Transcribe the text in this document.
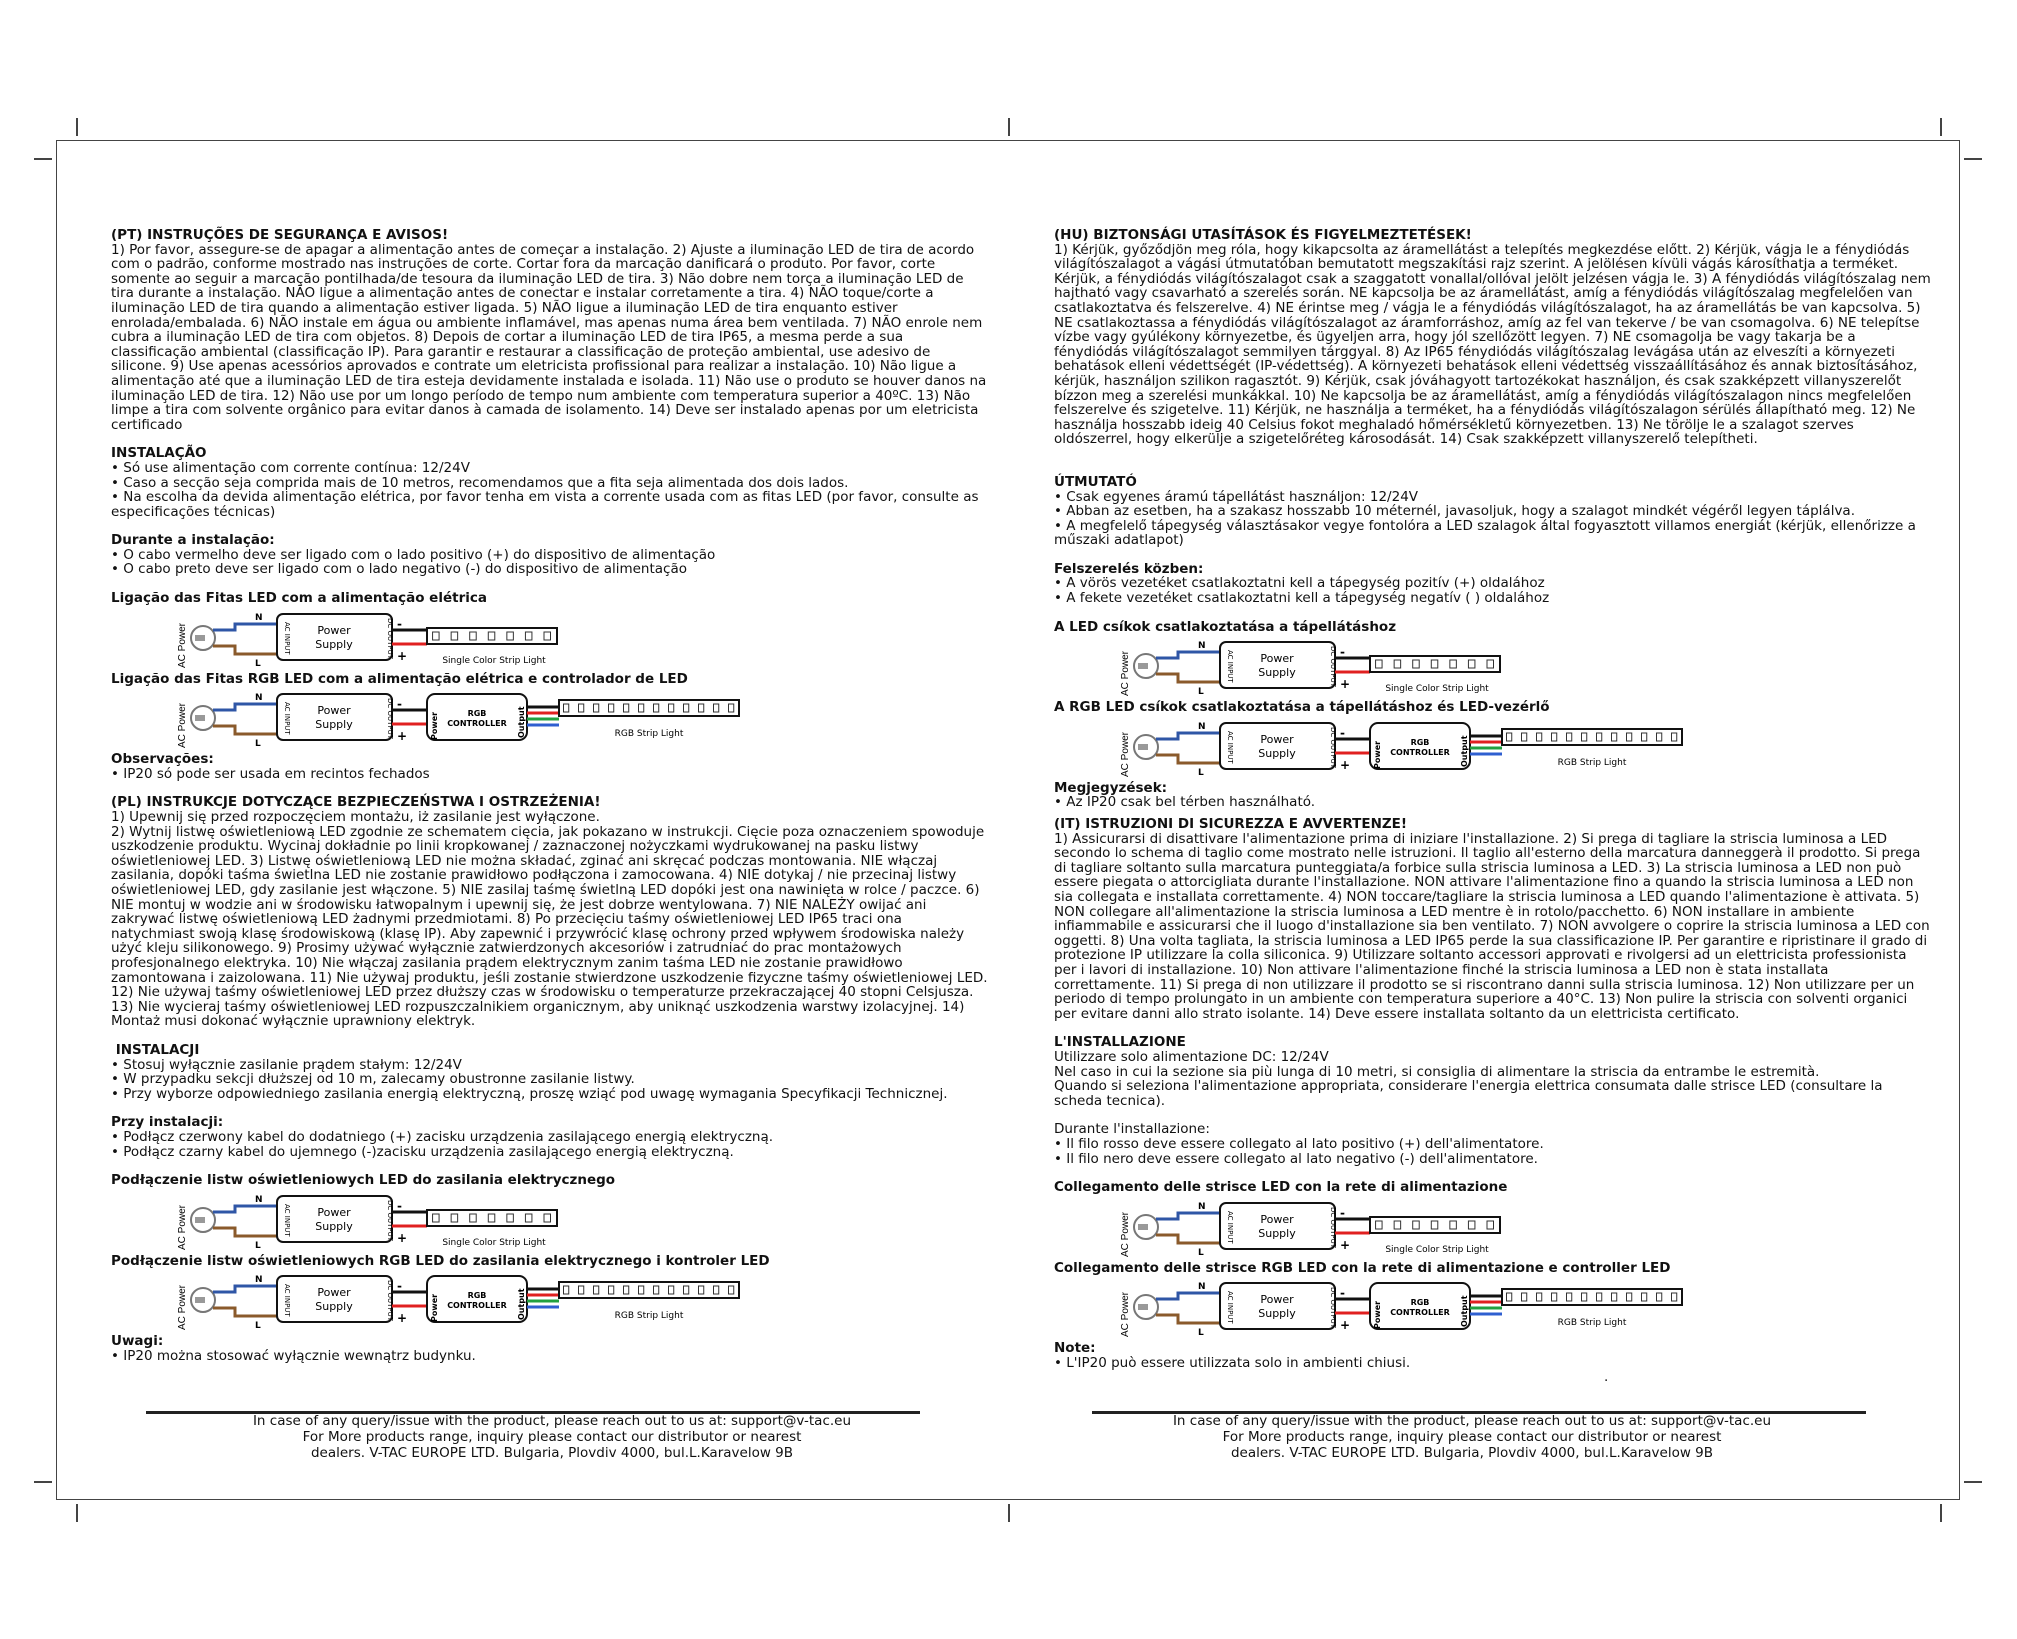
(PT) INSTRUÇÕES DE SEGURANÇA E AVISOS!

1) Por favor, assegure-se de apagar a alimentação antes de começar a instalação. 2) Ajuste a iluminação LED de tira de acordo com o padrão, conforme mostrado nas instruções de corte. Cortar fora da marcação danificará o produto. Por favor, corte somente ao seguir a marcação pontilhada/de tesoura da iluminação LED de tira. 3) Não dobre nem torça a iluminação LED de tira durante a instalação. NÃO ligue a alimentação antes de conectar e instalar corretamente a tira. 4) NÃO toque/corte a iluminação LED de tira quando a alimentação estiver ligada. 5) NÃO ligue a iluminação LED de tira enquanto estiver enrolada/embalada. 6) NÃO instale em água ou ambiente inflamável, mas apenas numa área bem ventilada. 7) NÃO enrole nem cubra a iluminação LED de tira com objetos. 8) Depois de cortar a iluminação LED de tira IP65, a mesma perde a sua classificação ambiental (classificação IP). Para garantir e restaurar a classificação de proteção ambiental, use adesivo de silicone. 9) Use apenas acessórios aprovados e contrate um eletricista profissional para realizar a instalação. 10) Não ligue a alimentação até que a iluminação LED de tira esteja devidamente instalada e isolada. 11) Não use o produto se houver danos na iluminação LED de tira. 12) Não use por um longo período de tempo num ambiente com temperatura superior a 40ºC. 13) Não limpe a tira com solvente orgânico para evitar danos à camada de isolamento. 14) Deve ser instalado apenas por um eletricista certificado

INSTALAÇÃO

• Só use alimentação com corrente contínua: 12/24V

• Caso a secção seja comprida mais de 10 metros, recomendamos que a fita seja alimentada dos dois lados.

• Na escolha da devida alimentação elétrica, por favor tenha em vista a corrente usada com as fitas LED (por favor, consulte as especificações técnicas)

Durante a instalação:

• O cabo vermelho deve ser ligado com o lado positivo (+) do dispositivo de alimentação

• O cabo preto deve ser ligado com o lado negativo (-) do dispositivo de alimentação

Ligação das Fitas LED com a alimentação elétrica

AC Power
N
L
AC INPUT	DC OUTPUT
Power
Supply
-
+	Single Color Strip Light

Ligação das Fitas RGB LED com a alimentação elétrica e controlador de LED

AC Power
N
L
AC INPUT	DC OUTPUT
Power
Supply
-
+	Power	Output
RGB
CONTROLLER
RGB Strip Light

Observações:

• IP20 só pode ser usada em recintos fechados

(PL) INSTRUKCJE DOTYCZĄCE BEZPIECZEŃSTWA I OSTRZEŻENIA!

1) Upewnij się przed rozpoczęciem montażu, iż zasilanie jest wyłączone.
2) Wytnij listwę oświetleniową LED zgodnie ze schematem cięcia, jak pokazano w instrukcji. Cięcie poza oznaczeniem spowoduje uszkodzenie produktu. Wycinaj dokładnie po linii kropkowanej / zaznaczonej nożyczkami wydrukowanej na pasku listwy oświetleniowej LED. 3) Listwę oświetleniową LED nie można składać, zginać ani skręcać podczas montowania. NIE włączaj zasilania, dopóki taśma świetlna LED nie zostanie prawidłowo podłączona i zamocowana. 4) NIE dotykaj / nie przecinaj listwy oświetleniowej LED, gdy zasilanie jest włączone. 5) NIE zasilaj taśmę świetlną LED dopóki jest ona nawinięta w rolce / paczce. 6) NIE montuj w wodzie ani w środowisku łatwopalnym i upewnij się, że jest dobrze wentylowana. 7) NIE NALEŻY owijać ani zakrywać listwę oświetleniową LED żadnymi przedmiotami. 8) Po przecięciu taśmy oświetleniowej LED IP65 traci ona natychmiast swoją klasę środowiskową (klasę IP). Aby zapewnić i przywrócić klasę ochrony przed wpływem środowiska należy użyć kleju silikonowego. 9) Prosimy używać wyłącznie zatwierdzonych akcesoriów i zatrudniać do prac montażowych profesjonalnego elektryka. 10) Nie włączaj zasilania prądem elektrycznym zanim taśma LED nie zostanie prawidłowo zamontowana i zaizolowana. 11) Nie używaj produktu, jeśli zostanie stwierdzone uszkodzenie fizyczne taśmy oświetleniowej LED. 12) Nie używaj taśmy oświetleniowej LED przez dłuższy czas w środowisku o temperaturze przekraczającej 40 stopni Celsjusza. 13) Nie wycieraj taśmy oświetleniowej LED rozpuszczalnikiem organicznym, aby uniknąć uszkodzenia warstwy izolacyjnej. 14) Montaż musi dokonać wyłącznie uprawniony elektryk.

INSTALACJI

• Stosuj wyłącznie zasilanie prądem stałym: 12/24V

• W przypadku sekcji dłuższej od 10 m, zalecamy obustronne zasilanie listwy.

• Przy wyborze odpowiedniego zasilania energią elektryczną, proszę wziąć pod uwagę wymagania Specyfikacji Technicznej.

Przy instalacji:

• Podłącz czerwony kabel do dodatniego (+) zacisku urządzenia zasilającego energią elektryczną.

• Podłącz czarny kabel do ujemnego (-)zacisku urządzenia zasilającego energią elektryczną.

Podłączenie listw oświetleniowych LED do zasilania elektrycznego

AC Power
N
L
AC INPUT	DC OUTPUT
Power
Supply
-
+	Single Color Strip Light

Podłączenie listw oświetleniowych RGB LED do zasilania elektrycznego i kontroler LED

AC Power
N
L
AC INPUT	DC OUTPUT
Power
Supply
-
+	Power	Output
RGB
CONTROLLER
RGB Strip Light

Uwagi:

• IP20 można stosować wyłącznie wewnątrz budynku.

(HU) BIZTONSÁGI UTASÍTÁSOK ÉS FIGYELMEZTETÉSEK!

1) Kérjük, győződjön meg róla, hogy kikapcsolta az áramellátást a telepítés megkezdése előtt. 2) Kérjük, vágja le a fénydiódás világítószalagot a vágási útmutatóban bemutatott megszakítási rajz szerint. A jelölésen kívüli vágás károsíthatja a terméket. Kérjük, a fénydiódás világítószalagot csak a szaggatott vonallal/ollóval jelölt jelzésen vágja le. 3) A fénydiódás világítószalag nem hajtható vagy csavarható a szerelés során. NE kapcsolja be az áramellátást, amíg a fénydiódás világítószalag megfelelően van csatlakoztatva és felszerelve. 4) NE érintse meg / vágja le a fénydiódás világítószalagot, ha az áramellátás be van kapcsolva. 5) NE csatlakoztassa a fénydiódás világítószalagot az áramforráshoz, amíg az fel van tekerve / be van csomagolva. 6) NE telepítse vízbe vagy gyúlékony környezetbe, és ügyeljen arra, hogy jól szellőzött legyen. 7) NE csomagolja be vagy takarja be a fénydiódás világítószalagot semmilyen tárggyal. 8) Az IP65 fénydiódás világítószalag levágása után az elveszíti a környezeti behatások elleni védettségét (IP-védettség). A környezeti behatások elleni védettség visszaállításához és annak biztosításához, kérjük, használjon szilikon ragasztót. 9) Kérjük, csak jóváhagyott tartozékokat használjon, és csak szakképzett villanyszerelőt bízzon meg a szerelési munkákkal. 10) Ne kapcsolja be az áramellátást, amíg a fénydiódás világítószalagon nincs megfelelően felszerelve és szigetelve. 11) Kérjük, ne használja a terméket, ha a fénydiódás világítószalagon sérülés állapítható meg. 12) Ne használja hosszabb ideig 40 Celsius fokot meghaladó hőmérsékletű környezetben. 13) Ne törölje le a szalagot szerves oldószerrel, hogy elkerülje a szigetelőréteg károsodását. 14) Csak szakképzett villanyszerelő telepítheti.

ÚTMUTATÓ

• Csak egyenes áramú tápellátást használjon: 12/24V

• Abban az esetben, ha a szakasz hosszabb 10 méternél, javasoljuk, hogy a szalagot mindkét végéről legyen táplálva.

• A megfelelő tápegység választásakor vegye fontolóra a LED szalagok által fogyasztott villamos energiát (kérjük, ellenőrizze a műszaki adatlapot)

Felszerelés közben:

• A vörös vezetéket csatlakoztatni kell a tápegység pozitív (+) oldalához

• A fekete vezetéket csatlakoztatni kell a tápegység negatív ( ) oldalához

A LED csíkok csatlakoztatása a tápellátáshoz

AC Power
N
L
AC INPUT	DC OUTPUT
Power
Supply
-
+	Single Color Strip Light

A RGB LED csíkok csatlakoztatása a tápellátáshoz és LED-vezérlő

AC Power
N
L
AC INPUT	DC OUTPUT
Power
Supply
-
+	Power	Output
RGB
CONTROLLER
RGB Strip Light

Megjegyzések:

• Az IP20 csak bel térben használható.

(IT) ISTRUZIONI DI SICUREZZA E AVVERTENZE!

1) Assicurarsi di disattivare l'alimentazione prima di iniziare l'installazione. 2) Si prega di tagliare la striscia luminosa a LED secondo lo schema di taglio come mostrato nelle istruzioni. Il taglio all'esterno della marcatura danneggerà il prodotto. Si prega di tagliare soltanto sulla marcatura punteggiata/a forbice sulla striscia luminosa a LED. 3) La striscia luminosa a LED non può essere piegata o attorcigliata durante l'installazione. NON attivare l'alimentazione fino a quando la striscia luminosa a LED non sia collegata e installata correttamente. 4) NON toccare/tagliare la striscia luminosa a LED quando l'alimentazione è attivata. 5) NON collegare all'alimentazione la striscia luminosa a LED mentre è in rotolo/pacchetto. 6) NON installare in ambiente infiammabile e assicurarsi che il luogo d'installazione sia ben ventilato. 7) NON avvolgere o coprire la striscia luminosa a LED con oggetti. 8) Una volta tagliata, la striscia luminosa a LED IP65 perde la sua classificazione IP. Per garantire e ripristinare il grado di protezione IP utilizzare la colla siliconica. 9) Utilizzare soltanto accessori approvati e rivolgersi ad un elettricista professionista per i lavori di installazione. 10) Non attivare l'alimentazione finché la striscia luminosa a LED non è stata installata correttamente. 11) Si prega di non utilizzare il prodotto se si riscontrano danni sulla striscia luminosa. 12) Non utilizzare per un periodo di tempo prolungato in un ambiente con temperatura superiore a 40°C. 13) Non pulire la striscia con solventi organici per evitare danni allo strato isolante. 14) Deve essere installata soltanto da un elettricista certificato.

L'INSTALLAZIONE

Utilizzare solo alimentazione DC: 12/24V

Nel caso in cui la sezione sia più lunga di 10 metri, si consiglia di alimentare la striscia da entrambe le estremità.

Quando si seleziona l'alimentazione appropriata, considerare l'energia elettrica consumata dalle strisce LED (consultare la scheda tecnica).

Durante l'installazione:

• Il filo rosso deve essere collegato al lato positivo (+) dell'alimentatore.

• Il filo nero deve essere collegato al lato negativo (-) dell'alimentatore.

Collegamento delle strisce LED con la rete di alimentazione

AC Power
N
L
AC INPUT	DC OUTPUT
Power
Supply
-
+	Single Color Strip Light

Collegamento delle strisce RGB LED con la rete di alimentazione e controller LED

AC Power
N
L
AC INPUT	DC OUTPUT
Power
Supply
-
+	Power	Output
RGB
CONTROLLER
RGB Strip Light

Note:

• L'IP20 può essere utilizzata solo in ambienti chiusi.

.

In case of any query/issue with the product, please reach out to us at: support@v-tac.eu

For More products range, inquiry please contact our distributor or nearest

dealers. V-TAC EUROPE LTD. Bulgaria, Plovdiv 4000, bul.L.Karavelow 9B

In case of any query/issue with the product, please reach out to us at: support@v-tac.eu

For More products range, inquiry please contact our distributor or nearest

dealers. V-TAC EUROPE LTD. Bulgaria, Plovdiv 4000, bul.L.Karavelow 9B
